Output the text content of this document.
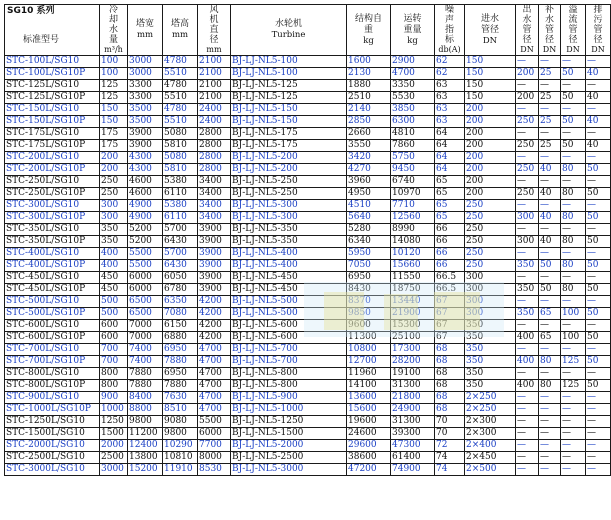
SG10 系列
标准型号	冷
却
水
量
m³/h	塔宽
mm	塔高
mm	风
机
直
径
mm	水轮机
Turbine	结构自
重
kg	运转
重量
kg	噪
声
指
标
db(A)	进水
管径
DN	出
水
管
径
DN	补
水
管
径
DN	溢
流
管
径
DN	排
污
管
径
DN

STC-100L/SG10	100	3000	4780	2100	BJ-LJ-NL5-100	1600	2900	62	150	—	—	—	—
STC-100L/SG10P	100	3000	5510	2100	BJ-LJ-NL5-100	2130	4700	62	150	200	25	50	40
STC-125L/SG10	125	3300	4780	2100	BJ-LJ-NL5-125	1880	3350	63	150	—	—	—	—
STC-125L/SG10P	125	3300	5510	2100	BJ-LJ-NL5-125	2510	5530	63	150	200	25	50	40
STC-150L/SG10	150	3500	4780	2400	BJ-LJ-NL5-150	2140	3850	63	200	—	—	—	—
STC-150L/SG10P	150	3500	5510	2400	BJ-LJ-NL5-150	2850	6300	63	200	250	25	50	40
STC-175L/SG10	175	3900	5080	2800	BJ-LJ-NL5-175	2660	4810	64	200	—	—	—	—
STC-175L/SG10P	175	3900	5810	2800	BJ-LJ-NL5-175	3550	7860	64	200	250	25	50	40
STC-200L/SG10	200	4300	5080	2800	BJ-LJ-NL5-200	3420	5750	64	200	—	—	—	—
STC-200L/SG10P	200	4300	5810	2800	BJ-LJ-NL5-200	4270	9450	64	200	250	40	80	50
STC-250L/SG10	250	4600	5380	3400	BJ-LJ-NL5-250	3960	6740	65	200	—	—	—	—
STC-250L/SG10P	250	4600	6110	3400	BJ-LJ-NL5-250	4950	10970	65	200	250	40	80	50
STC-300L/SG10	300	4900	5380	3400	BJ-LJ-NL5-300	4510	7710	65	250	—	—	—	—
STC-300L/SG10P	300	4900	6110	3400	BJ-LJ-NL5-300	5640	12560	65	250	300	40	80	50
STC-350L/SG10	350	5200	5700	3900	BJ-LJ-NL5-350	5280	8990	66	250	—	—	—	—
STC-350L/SG10P	350	5200	6430	3900	BJ-LJ-NL5-350	6340	14080	66	250	300	40	80	50
STC-400L/SG10	400	5500	5700	3900	BJ-LJ-NL5-400	5950	10120	66	250	—	—	—	—
STC-400L/SG10P	400	5500	6430	3900	BJ-LJ-NL5-400	7050	15660	66	250	350	50	80	50
STC-450L/SG10	450	6000	6050	3900	BJ-LJ-NL5-450	6950	11550	66.5	300	—	—	—	—
STC-450L/SG10P	450	6000	6780	3900	BJ-LJ-NL5-450	8430	18750	66.5	300	350	50	80	50
STC-500L/SG10	500	6500	6350	4200	BJ-LJ-NL5-500	8370	13440	67	300	—	—	—	—
STC-500L/SG10P	500	6500	7080	4200	BJ-LJ-NL5-500	9850	21900	67	300	350	65	100	50
STC-600L/SG10	600	7000	6150	4200	BJ-LJ-NL5-600	9600	15300	67	350	—	—	—	—
STC-600L/SG10P	600	7000	6880	4200	BJ-LJ-NL5-600	11300	25100	67	350	400	65	100	50
STC-700L/SG10	700	7400	6950	4700	BJ-LJ-NL5-700	10800	17300	68	350	—	—	—	—
STC-700L/SG10P	700	7400	7880	4700	BJ-LJ-NL5-700	12700	28200	68	350	400	80	125	50
STC-800L/SG10	800	7880	6950	4700	BJ-LJ-NL5-800	11960	19100	68	350	—	—	—	—
STC-800L/SG10P	800	7880	7880	4700	BJ-LJ-NL5-800	14100	31300	68	350	400	80	125	50
STC-900L/SG10	900	8400	7630	4700	BJ-LJ-NL5-900	13600	21800	68	2×250	—	—	—	—
STC-1000L/SG10P	1000	8800	8510	4700	BJ-LJ-NL5-1000	15600	24900	68	2×250	—	—	—	—
STC-1250L/SG10	1250	9800	9080	5500	BJ-LJ-NL5-1250	19600	31300	70	2×300	—	—	—	—
STC-1500L/SG10	1500	11200	9800	6000	BJ-LJ-NL5-1500	24600	39300	70	2×300	—	—	—	—
STC-2000L/SG10	2000	12400	10290	7700	BJ-LJ-NL5-2000	29600	47300	72	2×400	—	—	—	—
STC-2500L/SG10	2500	13800	10810	8000	BJ-LJ-NL5-2500	38600	61400	74	2×450	—	—	—	—
STC-3000L/SG10	3000	15200	11910	8530	BJ-LJ-NL5-3000	47200	74900	74	2×500	—	—	—	—
